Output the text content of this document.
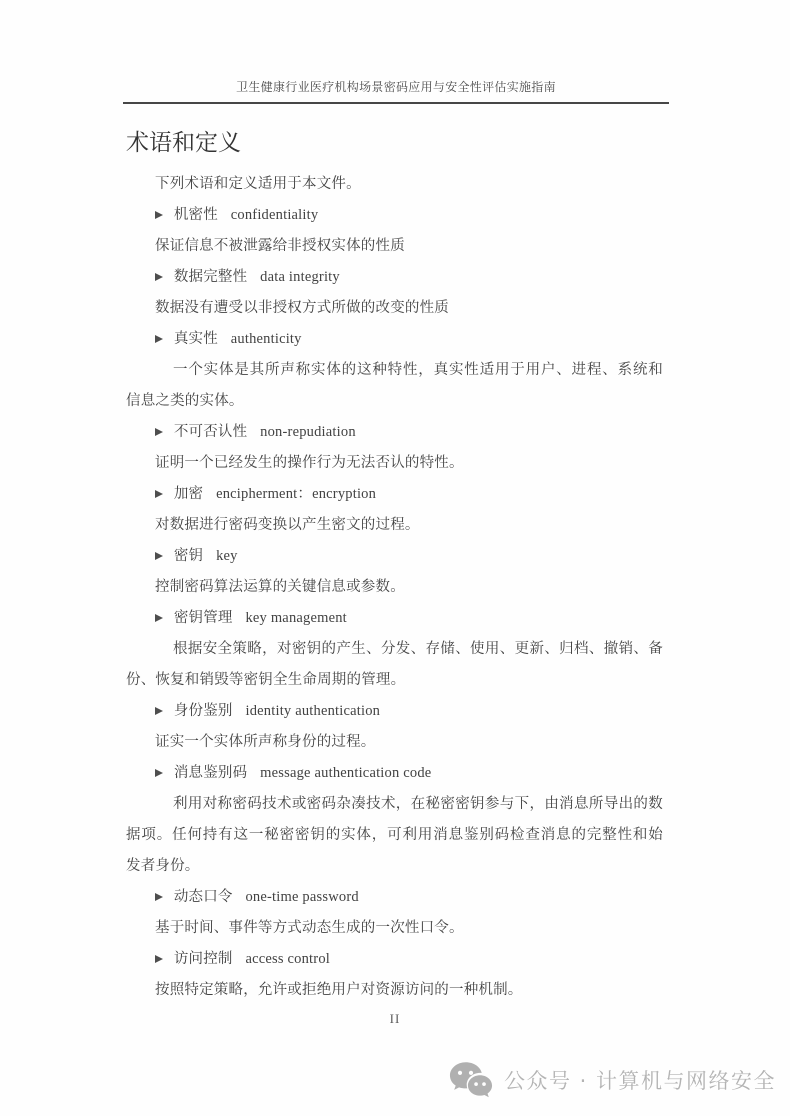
卫生健康行业医疗机构场景密码应用与安全性评估实施指南
术语和定义
下列术语和定义适用于本文件。
机密性 confidentiality
保证信息不被泄露给非授权实体的性质
数据完整性 data integrity
数据没有遭受以非授权方式所做的改变的性质
真实性 authenticity
一个实体是其所声称实体的这种特性，真实性适用于用户、进程、系统和
信息之类的实体。
不可否认性 non-repudiation
证明一个已经发生的操作行为无法否认的特性。
加密 encipherment：encryption
对数据进行密码变换以产生密文的过程。
密钥 key
控制密码算法运算的关键信息或参数。
密钥管理 key management
根据安全策略，对密钥的产生、分发、存储、使用、更新、归档、撤销、备
份、恢复和销毁等密钥全生命周期的管理。
身份鉴别 identity authentication
证实一个实体所声称身份的过程。
消息鉴别码 message authentication code
利用对称密码技术或密码杂凑技术，在秘密密钥参与下，由消息所导出的数
据项。任何持有这一秘密密钥的实体，可利用消息鉴别码检查消息的完整性和始
发者身份。
动态口令 one-time password
基于时间、事件等方式动态生成的一次性口令。
访问控制 access control
按照特定策略，允许或拒绝用户对资源访问的一种机制。
II
公众号 · 计算机与网络安全
